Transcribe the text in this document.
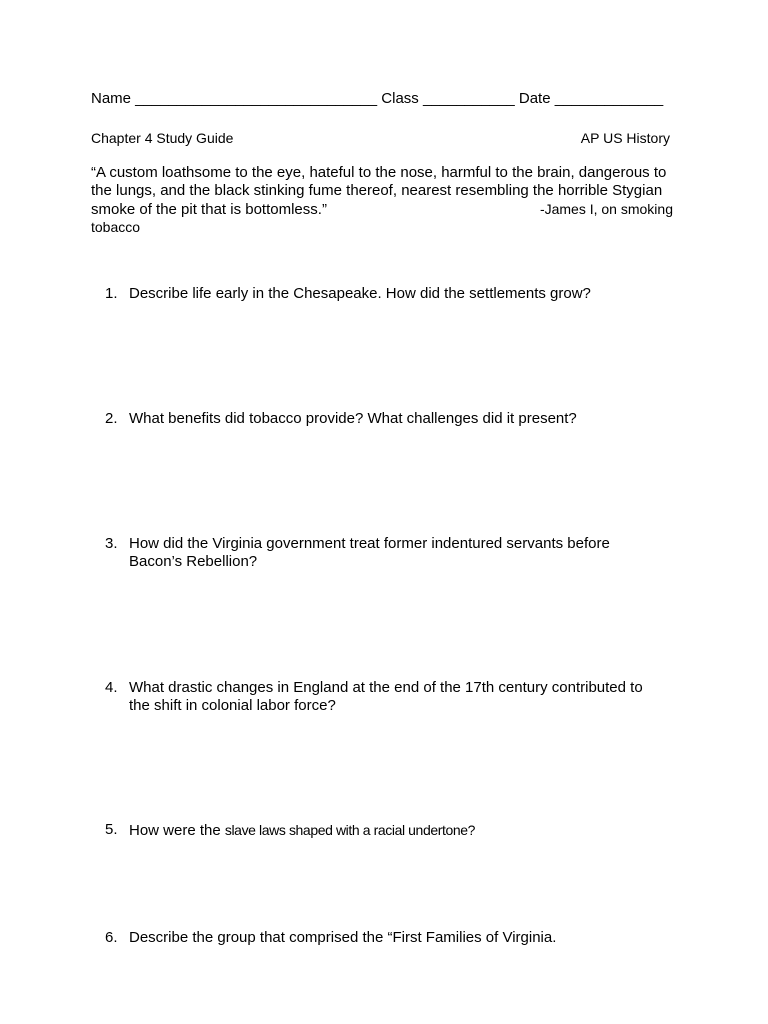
Name _____________________________ Class ___________ Date _____________
Chapter 4 Study Guide	AP US History
“A custom loathsome to the eye, hateful to the nose, harmful to the brain, dangerous to
the lungs, and the black stinking fume thereof, nearest resembling the horrible Stygian
smoke of the pit that is bottomless.”	-James I, on smoking
tobacco
1. Describe life early in the Chesapeake. How did the settlements grow?
2. What benefits did tobacco provide? What challenges did it present?
3. How did the Virginia government treat former indentured servants before Bacon’s Rebellion?
4. What drastic changes in England at the end of the 17th century contributed to the shift in colonial labor force?
5. How were the slave laws shaped with a racial undertone?
6. Describe the group that comprised the “First Families of Virginia.
